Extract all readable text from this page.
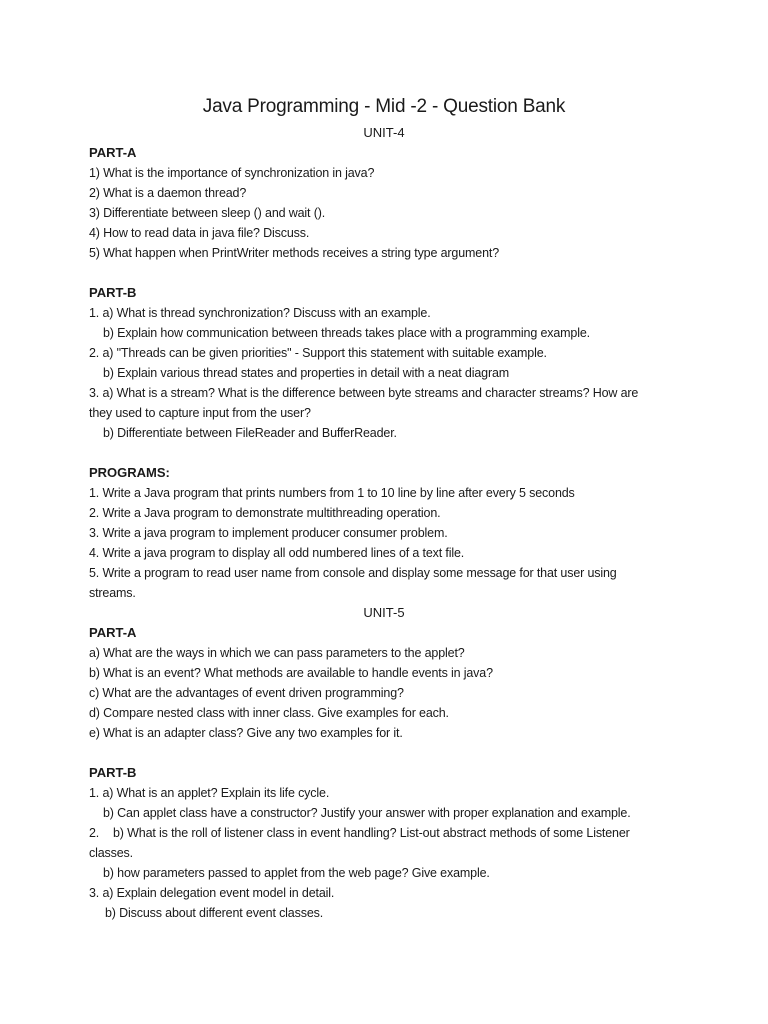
Java Programming - Mid -2 - Question Bank
UNIT-4
PART-A
1) What is the importance of synchronization in java?
2) What is a daemon thread?
3) Differentiate between sleep () and wait ().
4) How to read data in java file? Discuss.
5) What happen when PrintWriter methods receives a string type argument?
PART-B
1. a) What is thread synchronization? Discuss with an example.
b) Explain how communication between threads takes place with a programming example.
2. a) "Threads can be given priorities" - Support this statement with suitable example.
b) Explain various thread states and properties in detail with a neat diagram
3. a) What is a stream? What is the difference between byte streams and character streams? How are
they used to capture input from the user?
b) Differentiate between FileReader and BufferReader.
PROGRAMS:
1. Write a Java program that prints numbers from 1 to 10 line by line after every 5 seconds
2. Write a Java program to demonstrate multithreading operation.
3. Write a java program to implement producer consumer problem.
4. Write a java program to display all odd numbered lines of a text file.
5. Write a program to read user name from console and display some message for that user using
streams.
UNIT-5
PART-A
a) What are the ways in which we can pass parameters to the applet?
b) What is an event? What methods are available to handle events in java?
c) What are the advantages of event driven programming?
d) Compare nested class with inner class. Give examples for each.
e) What is an adapter class? Give any two examples for it.
PART-B
1. a) What is an applet? Explain its life cycle.
b) Can applet class have a constructor? Justify your answer with proper explanation and example.
2. b) What is the roll of listener class in event handling? List-out abstract methods of some Listener
classes.
b) how parameters passed to applet from the web page? Give example.
3. a) Explain delegation event model in detail.
b) Discuss about different event classes.
